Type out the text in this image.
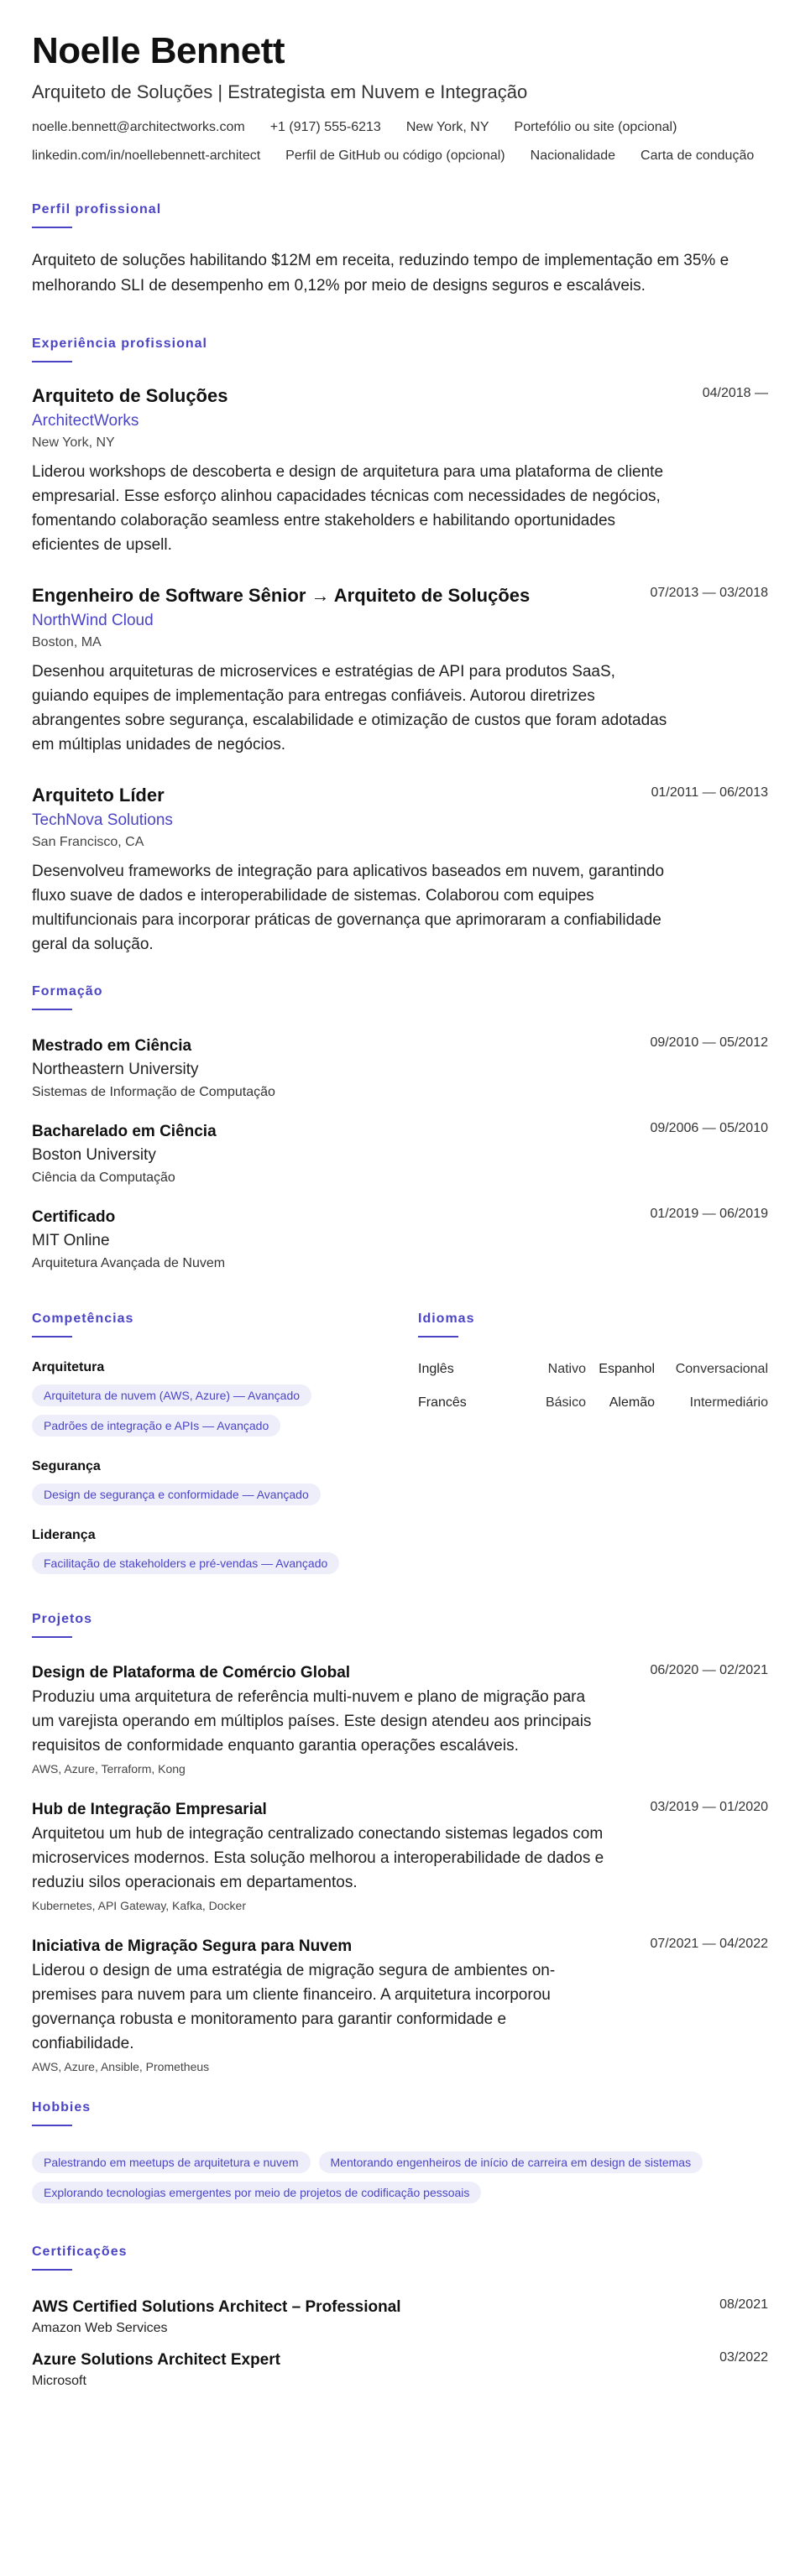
Noelle Bennett
Arquiteto de Soluções | Estrategista em Nuvem e Integração
noelle.bennett@architectworks.com +1 (917) 555-6213 New York, NY Portefólio ou site (opcional)
linkedin.com/in/noellebennett-architect Perfil de GitHub ou código (opcional) Nacionalidade Carta de condução
Perfil profissional
Arquiteto de soluções habilitando $12M em receita, reduzindo tempo de implementação em 35% e melhorando SLI de desempenho em 0,12% por meio de designs seguros e escaláveis.
Experiência profissional
04/2018 —
Arquiteto de Soluções
ArchitectWorks
New York, NY
Liderou workshops de descoberta e design de arquitetura para uma plataforma de cliente empresarial. Esse esforço alinhou capacidades técnicas com necessidades de negócios, fomentando colaboração seamless entre stakeholders e habilitando oportunidades eficientes de upsell.
07/2013 — 03/2018
Engenheiro de Software Sênior → Arquiteto de Soluções
NorthWind Cloud
Boston, MA
Desenhou arquiteturas de microservices e estratégias de API para produtos SaaS, guiando equipes de implementação para entregas confiáveis. Autorou diretrizes abrangentes sobre segurança, escalabilidade e otimização de custos que foram adotadas em múltiplas unidades de negócios.
01/2011 — 06/2013
Arquiteto Líder
TechNova Solutions
San Francisco, CA
Desenvolveu frameworks de integração para aplicativos baseados em nuvem, garantindo fluxo suave de dados e interoperabilidade de sistemas. Colaborou com equipes multifuncionais para incorporar práticas de governança que aprimoraram a confiabilidade geral da solução.
Formação
09/2010 — 05/2012
Mestrado em Ciência
Northeastern University
Sistemas de Informação de Computação
09/2006 — 05/2010
Bacharelado em Ciência
Boston University
Ciência da Computação
01/2019 — 06/2019
Certificado
MIT Online
Arquitetura Avançada de Nuvem
Competências
Arquitetura
Arquitetura de nuvem (AWS, Azure) — Avançado
Padrões de integração e APIs — Avançado
Segurança
Design de segurança e conformidade — Avançado
Liderança
Facilitação de stakeholders e pré-vendas — Avançado
Idiomas
Inglês	Nativo Espanhol	Conversacional
Francês	Básico	Alemão	Intermediário
Projetos
06/2020 — 02/2021
Design de Plataforma de Comércio Global
Produziu uma arquitetura de referência multi-nuvem e plano de migração para um varejista operando em múltiplos países. Este design atendeu aos principais requisitos de conformidade enquanto garantia operações escaláveis.
AWS, Azure, Terraform, Kong
03/2019 — 01/2020
Hub de Integração Empresarial
Arquitetou um hub de integração centralizado conectando sistemas legados com microservices modernos. Esta solução melhorou a interoperabilidade de dados e reduziu silos operacionais em departamentos.
Kubernetes, API Gateway, Kafka, Docker
07/2021 — 04/2022
Iniciativa de Migração Segura para Nuvem
Liderou o design de uma estratégia de migração segura de ambientes on-premises para nuvem para um cliente financeiro. A arquitetura incorporou governança robusta e monitoramento para garantir conformidade e confiabilidade.
AWS, Azure, Ansible, Prometheus
Hobbies
Palestrando em meetups de arquitetura e nuvem	Mentorando engenheiros de início de carreira em design de sistemas
Explorando tecnologias emergentes por meio de projetos de codificação pessoais
Certificações
08/2021
AWS Certified Solutions Architect – Professional
Amazon Web Services
03/2022
Azure Solutions Architect Expert
Microsoft
